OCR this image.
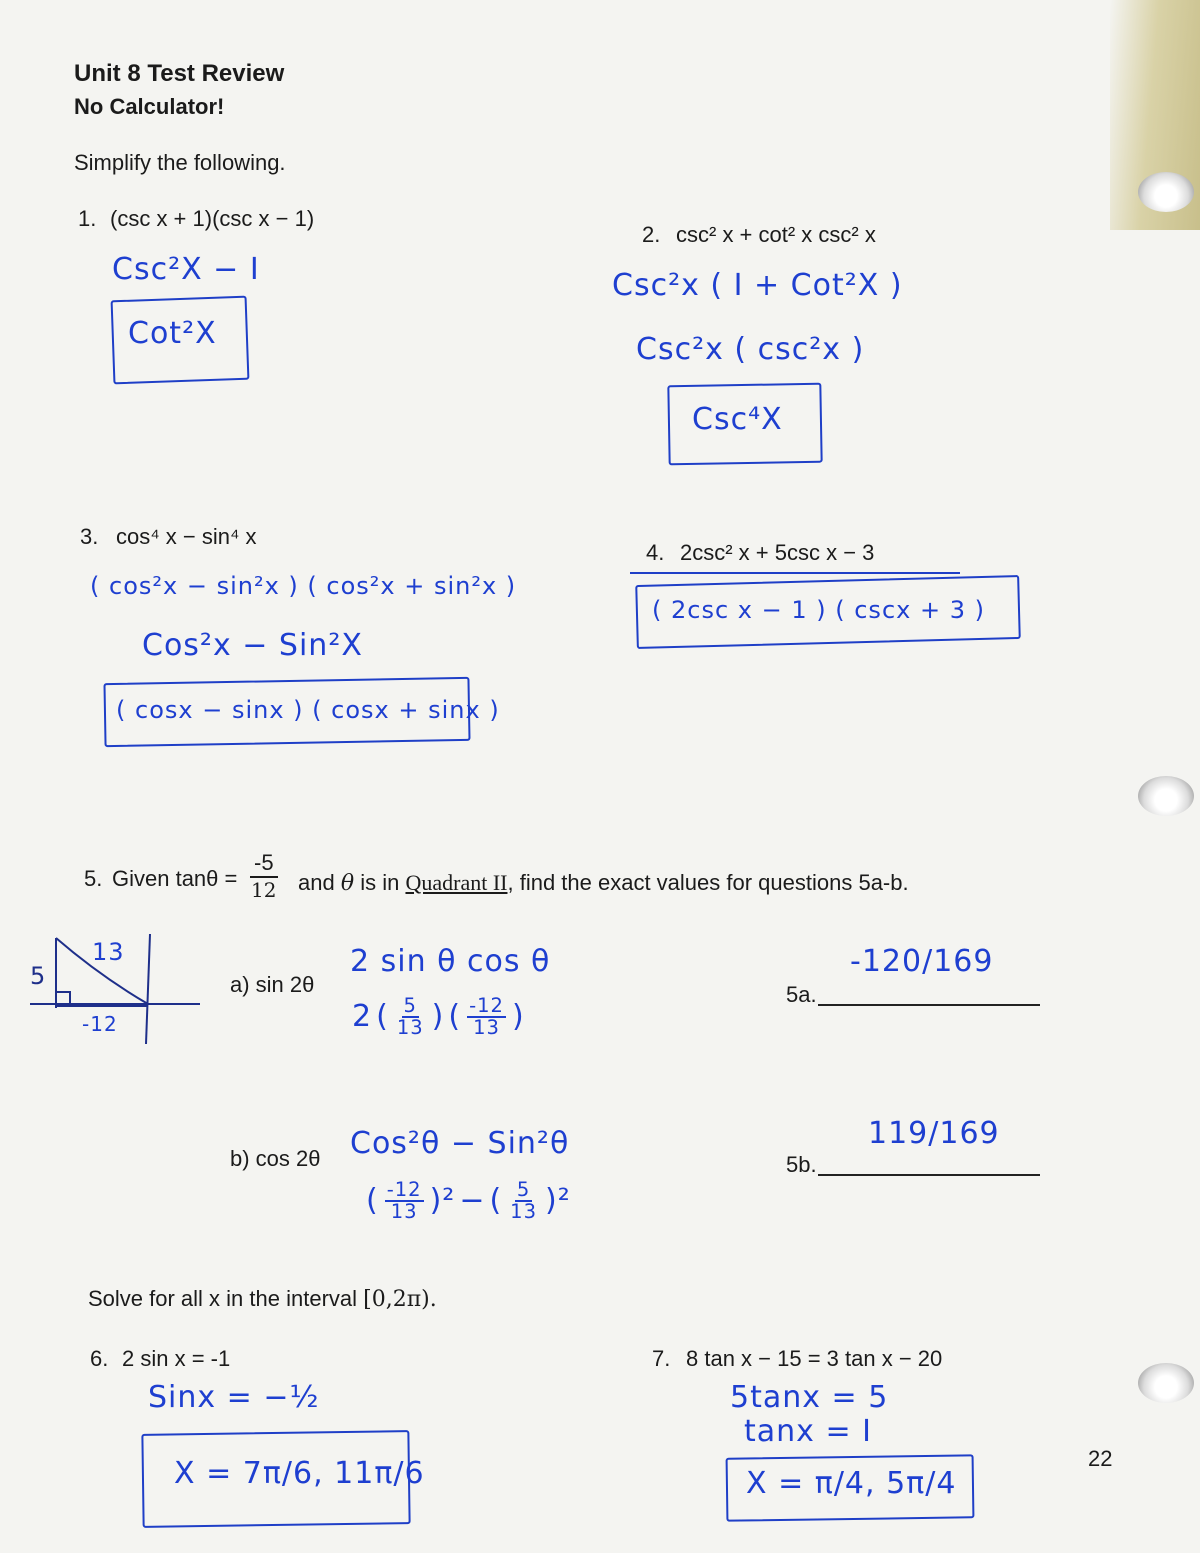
Unit 8 Test Review
No Calculator!
Simplify the following.
1. (csc x + 1)(csc x − 1)
Csc²X − I
Cot²X
2. csc² x + cot² x csc² x
Csc²x ( I + Cot²X )
Csc²x ( csc²x )
Csc⁴X
3. cos⁴ x − sin⁴ x
( cos²x − sin²x ) ( cos²x + sin²x )
Cos²x − Sin²X
( cosx − sinx ) ( cosx + sinx )
4. 2csc² x + 5csc x − 3
( 2csc x − 1 ) ( cscx + 3 )
5. Given $\tan\theta = \frac{-5}{12}$ and θ is in Quadrant II, find the exact values for questions 5a-b.
13
5
-12
a) sin 2θ
2 sin θ cos θ
2 ( $\frac{5}{13}$ ) ( $\frac{-12}{13}$ )
5a.
-120/169
b) cos 2θ Cos²θ − Sin²θ
( $\frac{-12}{13} )^2$ − ( $\frac{5}{13} )^2$
5b.
119/169
Solve for all x in the interval [0,2π).
6. 2 sin x = -1
Sinx = −½
X = 7π/6, 11π/6
7. 8 tan x − 15 = 3 tan x − 20
5tanx = 5
tanx = I
X = π/4, 5π/4
22
